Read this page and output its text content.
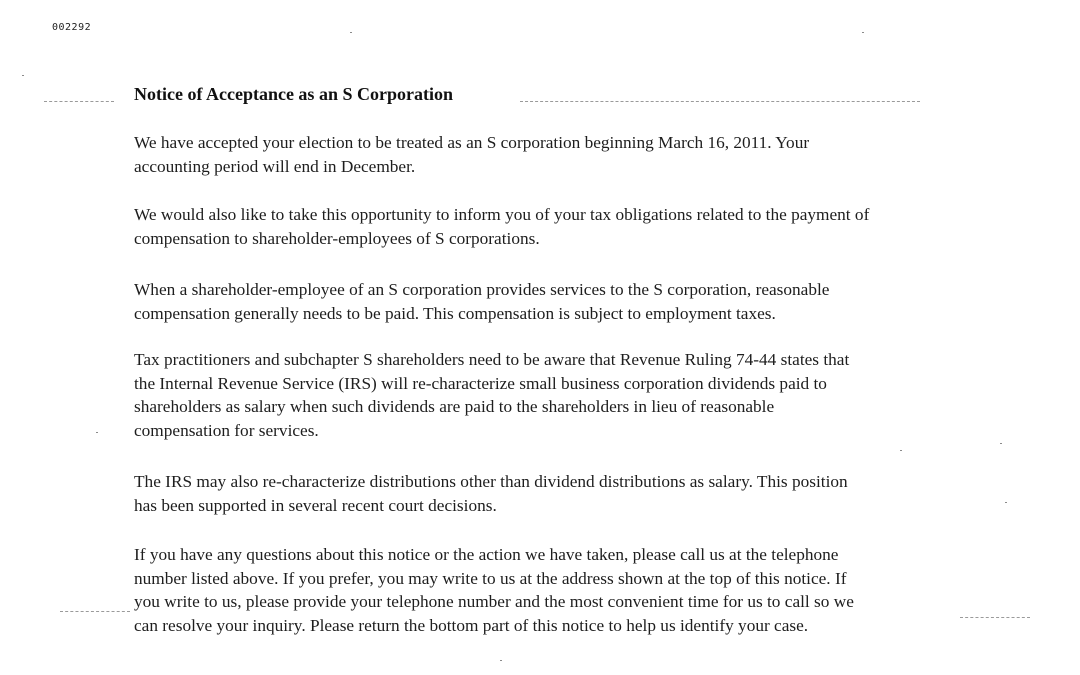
002292
Notice of Acceptance as an S Corporation
We have accepted your election to be treated as an S corporation beginning March 16, 2011. Your
accounting period will end in December.
We would also like to take this opportunity to inform you of your tax obligations related to the payment of
compensation to shareholder-employees of S corporations.
When a shareholder-employee of an S corporation provides services to the S corporation, reasonable
compensation generally needs to be paid. This compensation is subject to employment taxes.
Tax practitioners and subchapter S shareholders need to be aware that Revenue Ruling 74-44 states that
the Internal Revenue Service (IRS) will re-characterize small business corporation dividends paid to
shareholders as salary when such dividends are paid to the shareholders in lieu of reasonable
compensation for services.
The IRS may also re-characterize distributions other than dividend distributions as salary. This position
has been supported in several recent court decisions.
If you have any questions about this notice or the action we have taken, please call us at the telephone
number listed above. If you prefer, you may write to us at the address shown at the top of this notice. If
you write to us, please provide your telephone number and the most convenient time for us to call so we
can resolve your inquiry. Please return the bottom part of this notice to help us identify your case.
